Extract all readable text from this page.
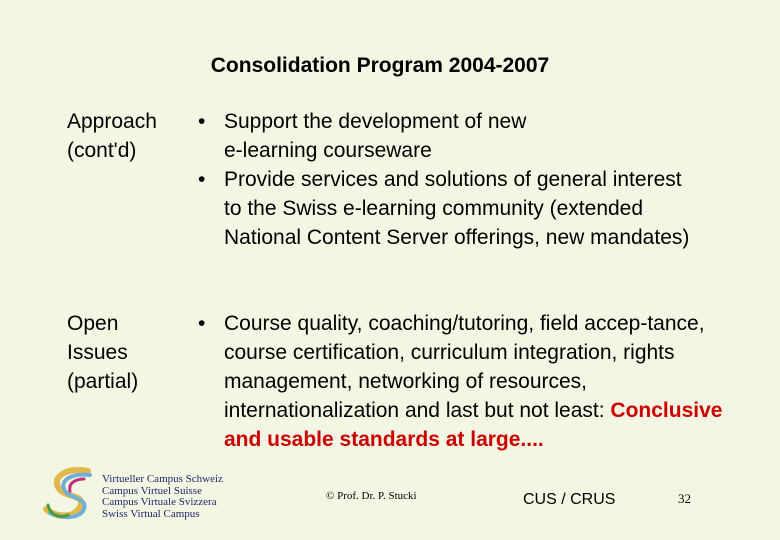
Consolidation Program 2004-2007
Approach
(cont'd)
• Support the development of new
e-learning courseware
• Provide services and solutions of general interest to the Swiss e-learning community (extended National Content Server offerings, new mandates)
Open
Issues
(partial)
• Course quality, coaching/tutoring, field accep-tance, course certification, curriculum integration, rights management, networking of resources, internationalization and last but not least: Conclusive and usable standards at large....
Virtueller Campus Schweiz
Campus Virtuel Suisse
Campus Virtuale Svizzera
Swiss Virtual Campus
© Prof. Dr. P. Stucki	CUS / CRUS	32
